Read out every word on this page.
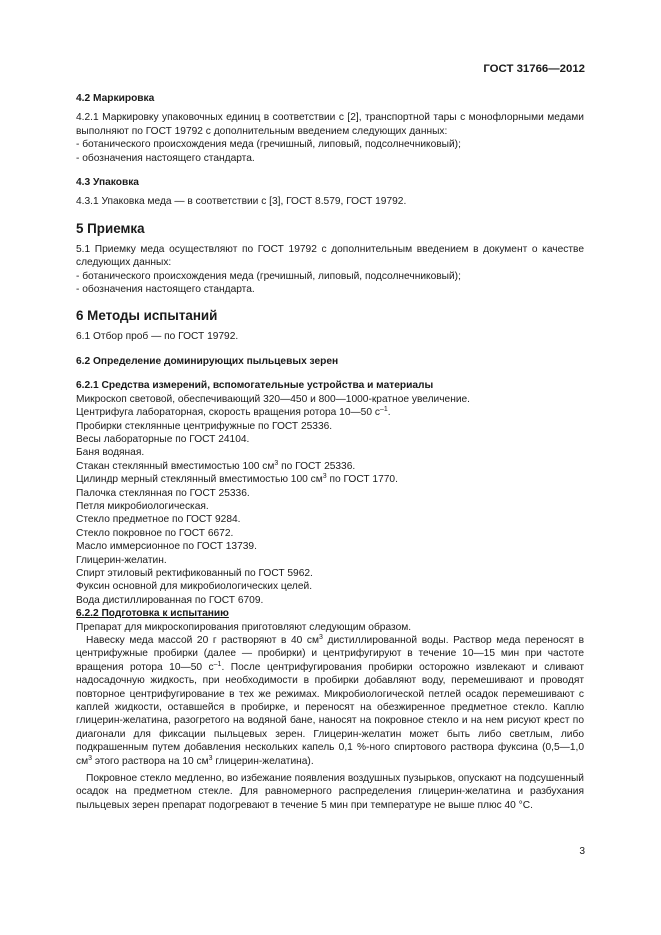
ГОСТ 31766—2012

4.2 Маркировка

4.2.1 Маркировку упаковочных единиц в соответствии с [2], транспортной тары с монофлорными медами выполняют по ГОСТ 19792 с дополнительным введением следующих данных:

- ботанического происхождения меда (гречишный, липовый, подсолнечниковый);

- обозначения настоящего стандарта.

4.3 Упаковка

4.3.1 Упаковка меда — в соответствии с [3], ГОСТ 8.579, ГОСТ 19792.

5 Приемка

5.1 Приемку меда осуществляют по ГОСТ 19792 с дополнительным введением в документ о качестве следующих данных:

- ботанического происхождения меда (гречишный, липовый, подсолнечниковый);

- обозначения настоящего стандарта.

6 Методы испытаний

6.1 Отбор проб — по ГОСТ 19792.

6.2 Определение доминирующих пыльцевых зерен

6.2.1 Средства измерений, вспомогательные устройства и материалы

Микроскоп световой, обеспечивающий 320—450 и 800—1000-кратное увеличение.

Центрифуга лабораторная, скорость вращения ротора 10—50 $с^{-1}$.

Пробирки стеклянные центрифужные по ГОСТ 25336.

Весы лабораторные по ГОСТ 24104.

Баня водяная.

Стакан стеклянный вместимостью 100 $см^3$ по ГОСТ 25336.

Цилиндр мерный стеклянный вместимостью 100 $см^3$ по ГОСТ 1770.

Палочка стеклянная по ГОСТ 25336.

Петля микробиологическая.

Стекло предметное по ГОСТ 9284.

Стекло покровное по ГОСТ 6672.

Масло иммерсионное по ГОСТ 13739.

Глицерин-желатин.

Спирт этиловый ректификованный по ГОСТ 5962.

Фуксин основной для микробиологических целей.

Вода дистиллированная по ГОСТ 6709.

6.2.2 Подготовка к испытанию

Препарат для микроскопирования приготовляют следующим образом.

Навеску меда массой 20 г растворяют в 40 $см^3$ дистиллированной воды. Раствор меда переносят в центрифужные пробирки (далее — пробирки) и центрифугируют в течение 10—15 мин при частоте вращения ротора 10—50 $с^{-1}$. После центрифугирования пробирки осторожно извлекают и сливают надосадочную жидкость, при необходимости в пробирки добавляют воду, перемешивают и проводят повторное центрифугирование в тех же режимах. Микробиологической петлей осадок перемешивают с каплей жидкости, оставшейся в пробирке, и переносят на обезжиренное предметное стекло. Каплю глицерин-желатина, разогретого на водяной бане, наносят на покровное стекло и на нем рисуют крест по диагонали для фиксации пыльцевых зерен. Глицерин-желатин может быть либо светлым, либо подкрашенным путем добавления нескольких капель 0,1 %-ного спиртового раствора фуксина (0,5—1,0 $см^3$ этого раствора на 10 $см^3$ глицерин-желатина).

Покровное стекло медленно, во избежание появления воздушных пузырьков, опускают на подсушенный осадок на предметном стекле. Для равномерного распределения глицерин-желатина и разбухания пыльцевых зерен препарат подогревают в течение 5 мин при температуре не выше плюс 40 °С.

3
